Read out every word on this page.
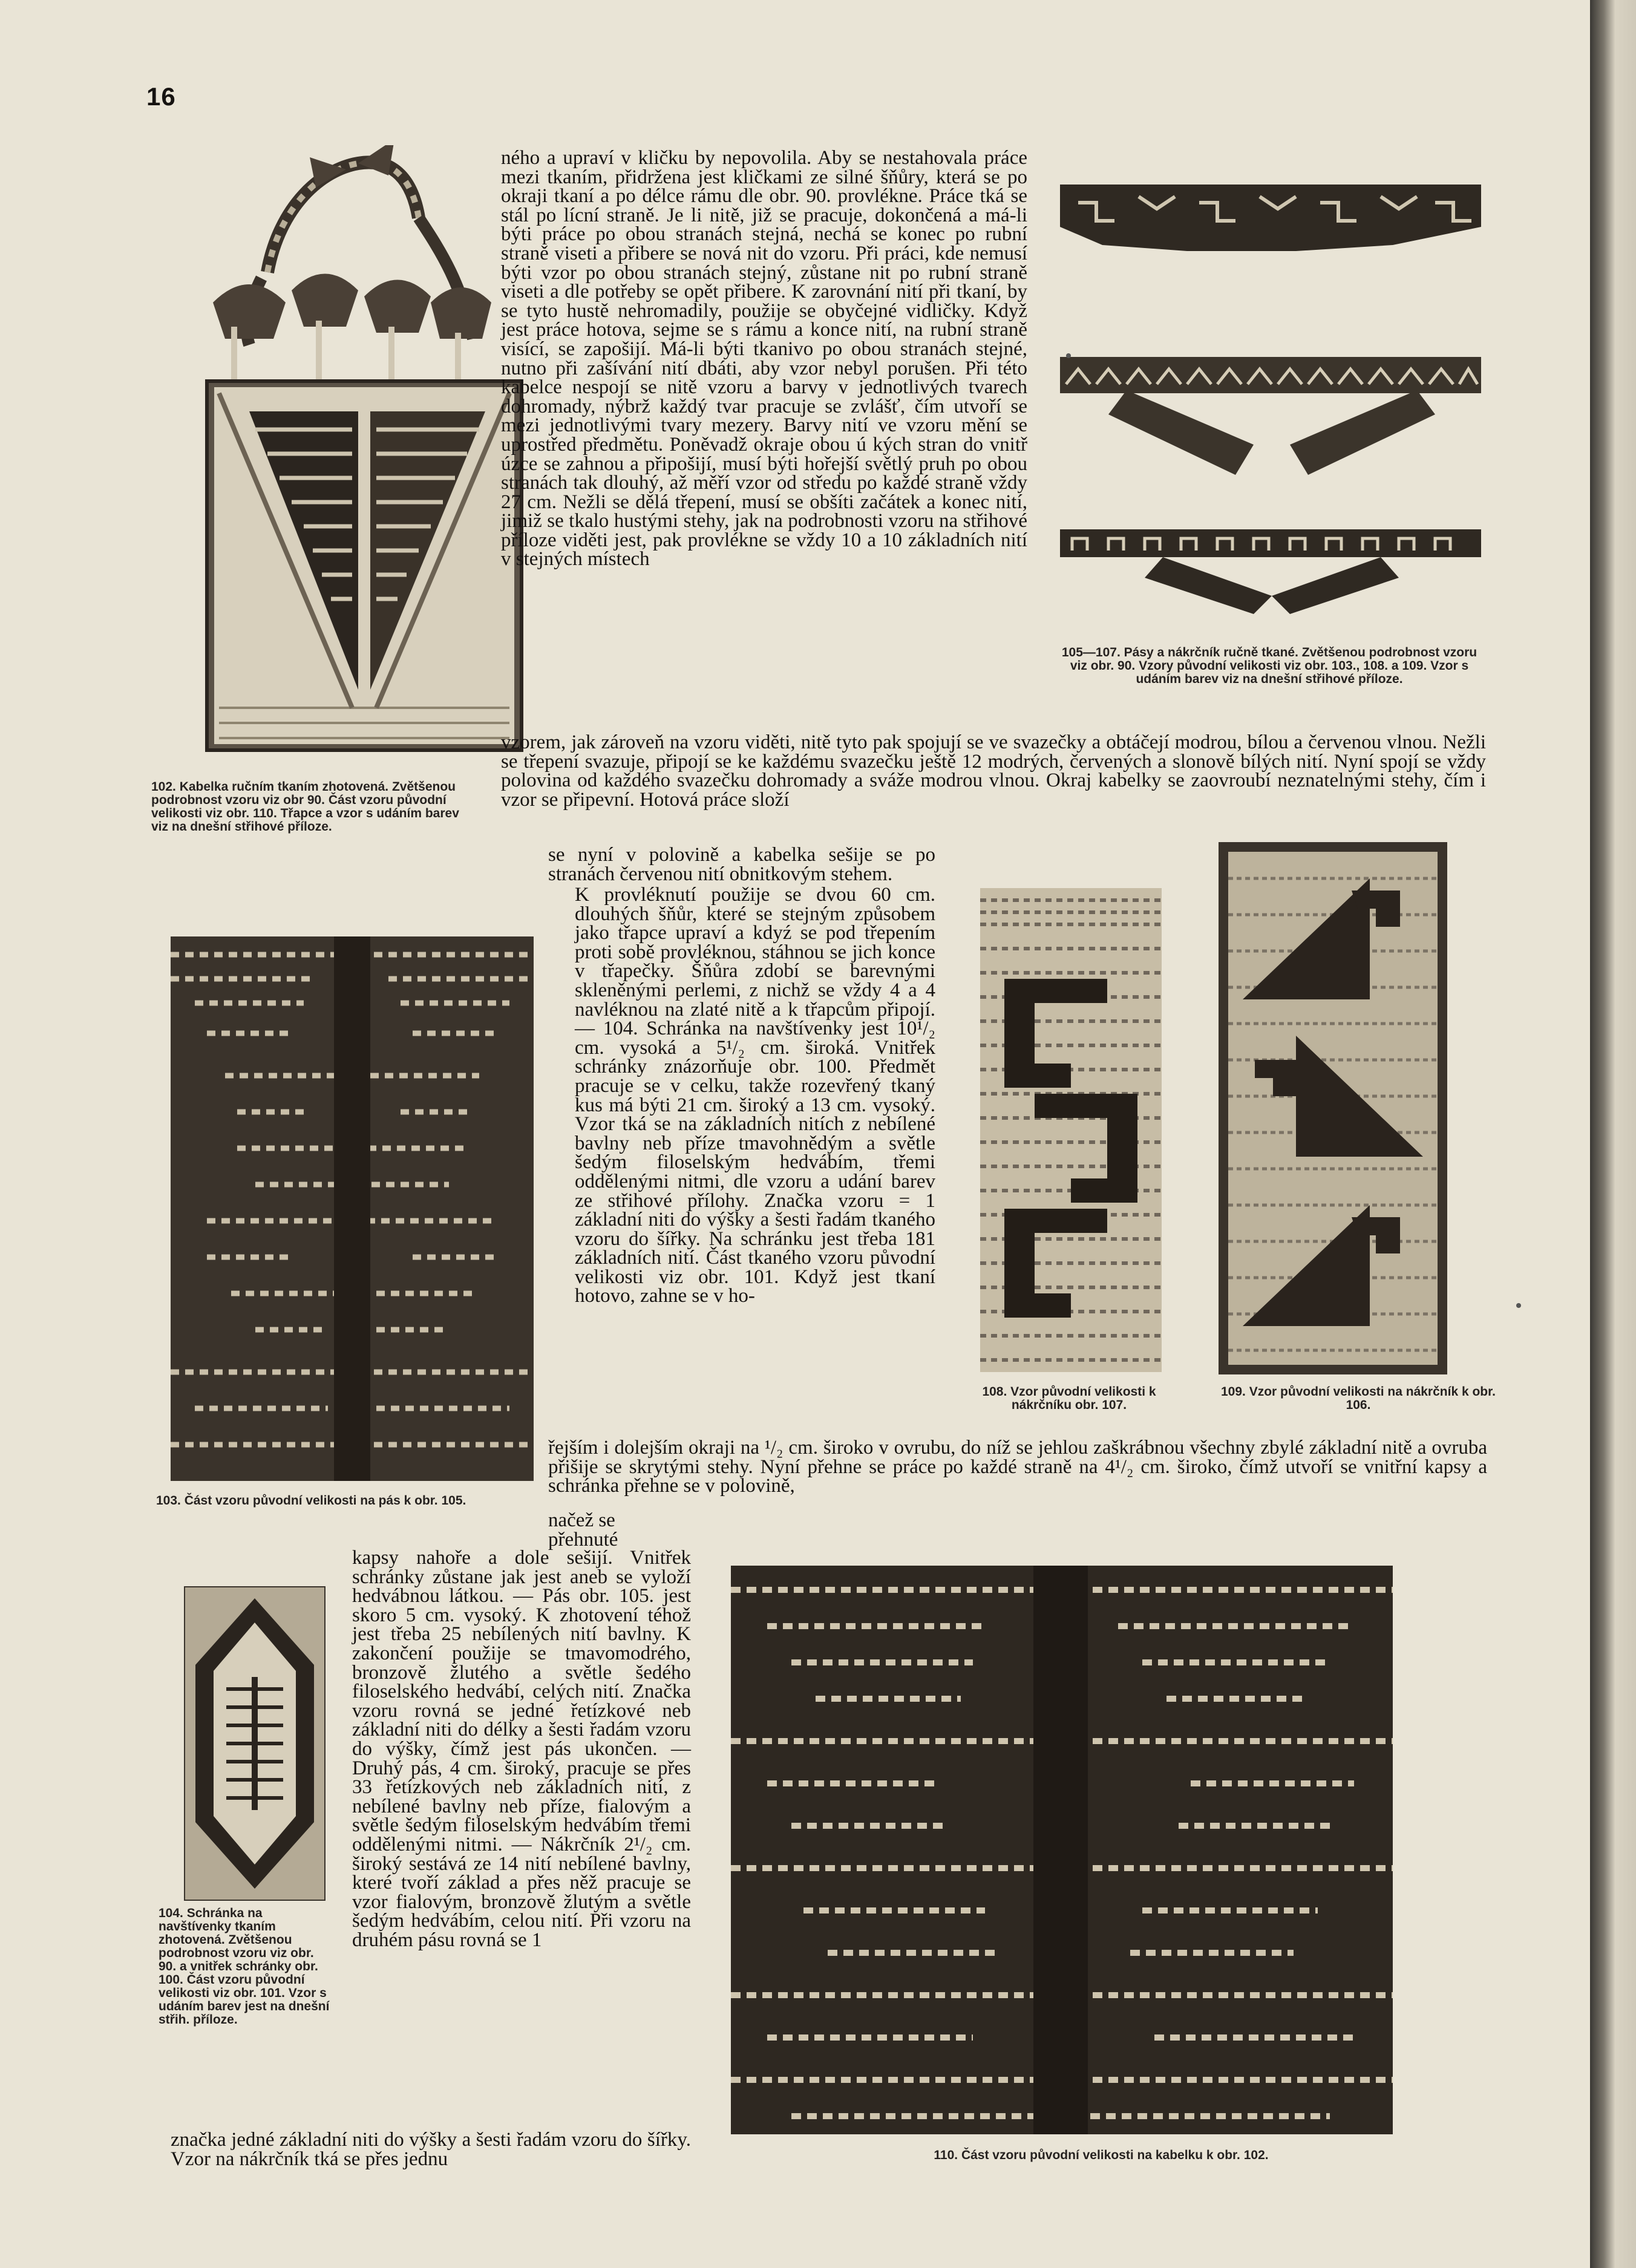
16

102. Kabelka ručním tkaním zhotovená. Zvětšenou podrobnost vzoru viz obr 90. Část vzoru původní velikosti viz obr. 110. Třapce a vzor s udáním barev viz na dnešní střihové příloze.

103. Část vzoru původní velikosti na pás k obr. 105.

104. Schránka na navštívenky tkaním zhotovená. Zvětšenou podrobnost vzoru viz obr. 90. a vnitřek schránky obr. 100. Část vzoru původní velikosti viz obr. 101. Vzor s udáním barev jest na dnešní střih. příloze.

105—107. Pásy a nákrčník ručně tkané. Zvětšenou podrobnost vzoru viz obr. 90. Vzory původní velikosti viz obr. 103., 108. a 109. Vzor s udáním barev viz na dnešní střihové příloze.

108. Vzor původní velikosti k nákrčníku obr. 107.

109. Vzor původní velikosti na nákrčník k obr. 106.

110. Část vzoru původní velikosti na kabelku k obr. 102.

ného a upraví v kličku by nepovolila. Aby se nestahovala práce mezi tkaním, přidržena jest kličkami ze silné šňůry, která se po okraji tkaní a po délce rámu dle obr. 90. provlékne. Práce tká se stál po lícní straně. Je li nitě, již se pracuje, dokončená a má-li býti práce po obou stranách stejná, nechá se konec po rubní straně viseti a přibere se nová nit do vzoru. Při práci, kde nemusí býti vzor po obou stranách stejný, zůstane nit po rubní straně viseti a dle potřeby se opět přibere. K zarovnání nití při tkaní, by se tyto hustě nehromadily, použije se obyčejné vidličky. Když jest práce hotova, sejme se s rámu a konce nití, na rubní straně visící, se zapošijí. Má-li býti tkanivo po obou stranách stejné, nutno při zašívání nití dbáti, aby vzor nebyl porušen. Při této kabelce nespojí se nitě vzoru a barvy v jednotlivých tvarech dohromady, nýbrž každý tvar pracuje se zvlášť, čím utvoří se mezi jednotlivými tvary mezery. Barvy nití ve vzoru mění se uprostřed předmětu. Poněvadž okraje obou ú kých stran do vnitř úzce se zahnou a připošijí, musí býti hořejší světlý pruh po obou stranách tak dlouhý, až měří vzor od středu po každé straně vždy 27 cm. Nežli se dělá třepení, musí se obšíti začátek a konec nití, jimiž se tkalo hustými stehy, jak na podrobnosti vzoru na střihové příloze viděti jest, pak provlékne se vždy 10 a 10 základních nití v stejných místech

vzorem, jak zároveň na vzoru viděti, nitě tyto pak spojují se ve svazečky a obtáčejí modrou, bílou a červenou vlnou. Nežli se třepení svazuje, připojí se ke každému svazečku ještě 12 modrých, červených a slonově bílých nití. Nyní spojí se vždy polovina od každého svazečku dohromady a sváže modrou vlnou. Okraj kabelky se zaovroubí neznatelnými stehy, čím i vzor se připevní. Hotová práce složí

se nyní v polovině a kabelka sešije se po stranách červenou nití obnitkovým stehem.

K provléknutí použije se dvou 60 cm. dlouhých šňůr, které se stejným způsobem jako třapce upraví a kdyź se pod třepením proti sobě provléknou, stáhnou se jich konce v třapečky. Šňůra zdobí se barevnými skleněnými perlemi, z nichž se vždy 4 a 4 navléknou na zlaté nitě a k třapcům připojí. — 104. Schránka na navštívenky jest 10¹/₂ cm. vysoká a 5¹/₂ cm. široká. Vnitřek schránky znázorňuje obr. 100. Předmět pracuje se v celku, takže rozevřený tkaný kus má býti 21 cm. široký a 13 cm. vysoký. Vzor tká se na základních nitích z nebílené bavlny neb příze tmavohnědým a světle šedým filoselským hedvábím, třemi oddělenými nitmi, dle vzoru a udání barev ze střihové přílohy. Značka vzoru = 1 základní niti do výšky a šesti řadám tkaného vzoru do šířky. Na schránku jest třeba 181 základních nití. Část tkaného vzoru původní velikosti viz obr. 101. Když jest tkaní hotovo, zahne se v ho-

řejším i dolejším okraji na ¹/₂ cm. široko v ovrubu, do níž se jehlou zaškrábnou všechny zbylé základní nitě a ovruba přišije se skrytými stehy. Nyní přehne se práce po každé straně na 4¹/₂ cm. široko, čímž utvoří se vnitřní kapsy a schránka přehne se v polovině,

načež se přehnuté

kapsy nahoře a dole sešijí. Vnitřek schránky zůstane jak jest aneb se vyloží hedvábnou látkou. — Pás obr. 105. jest skoro 5 cm. vysoký. K zhotovení téhož jest třeba 25 nebílených nití bavlny. K zakončení použije se tmavomodrého, bronzově žlutého a světle šedého filoselského hedvábí, celých nití. Značka vzoru rovná se jedné řetízkové neb základní niti do délky a šesti řadám vzoru do výšky, čímž jest pás ukončen. — Druhý pás, 4 cm. široký, pracuje se přes 33 řetízkových neb základních nití, z nebílené bavlny neb příze, fialovým a světle šedým filoselským hedvábím třemi oddělenými nitmi. — Nákrčník 2¹/₂ cm. široký sestává ze 14 nití nebílené bavlny, které tvoří základ a přes něž pracuje se vzor fialovým, bronzově žlutým a světle šedým hedvábím, celou nití. Při vzoru na druhém pásu rovná se 1

značka jedné základní niti do výšky a šesti řadám vzoru do šířky. Vzor na nákrčník tká se přes jednu
